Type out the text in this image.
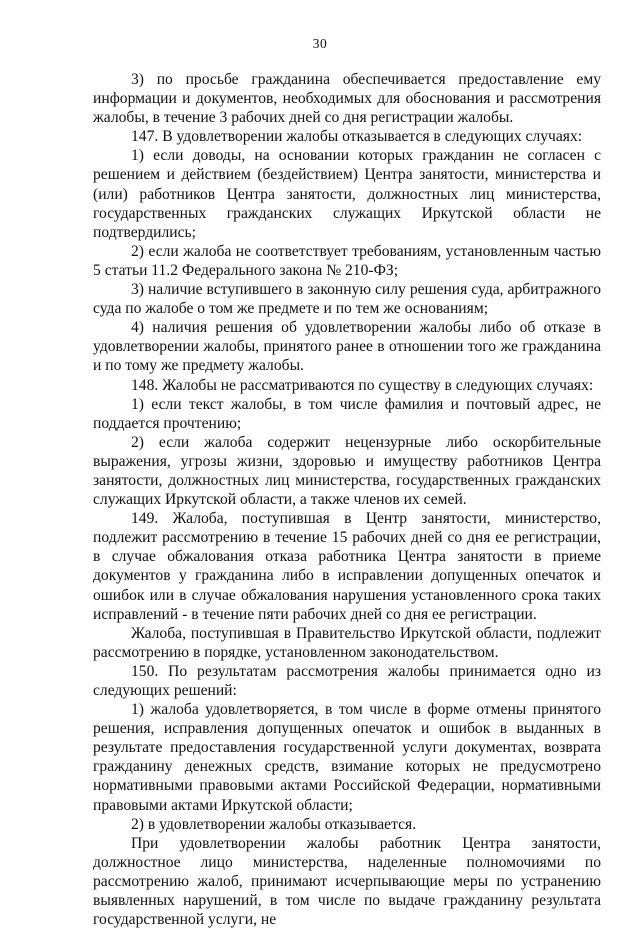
30

3) по просьбе гражданина обеспечивается предоставление ему информации и документов, необходимых для обоснования и рассмотрения жалобы, в течение 3 рабочих дней со дня регистрации жалобы.

147. В удовлетворении жалобы отказывается в следующих случаях:

1) если доводы, на основании которых гражданин не согласен с решением и действием (бездействием) Центра занятости, министерства и (или) работников Центра занятости, должностных лиц министерства, государственных гражданских служащих Иркутской области не подтвердились;

2) если жалоба не соответствует требованиям, установленным частью 5 статьи 11.2 Федерального закона № 210-ФЗ;

3) наличие вступившего в законную силу решения суда, арбитражного суда по жалобе о том же предмете и по тем же основаниям;

4) наличия решения об удовлетворении жалобы либо об отказе в удовлетворении жалобы, принятого ранее в отношении того же гражданина и по тому же предмету жалобы.

148. Жалобы не рассматриваются по существу в следующих случаях:

1) если текст жалобы, в том числе фамилия и почтовый адрес, не поддается прочтению;

2) если жалоба содержит нецензурные либо оскорбительные выражения, угрозы жизни, здоровью и имуществу работников Центра занятости, должностных лиц министерства, государственных гражданских служащих Иркутской области, а также членов их семей.

149. Жалоба, поступившая в Центр занятости, министерство, подлежит рассмотрению в течение 15 рабочих дней со дня ее регистрации, в случае обжалования отказа работника Центра занятости в приеме документов у гражданина либо в исправлении допущенных опечаток и ошибок или в случае обжалования нарушения установленного срока таких исправлений - в течение пяти рабочих дней со дня ее регистрации.

Жалоба, поступившая в Правительство Иркутской области, подлежит рассмотрению в порядке, установленном законодательством.

150. По результатам рассмотрения жалобы принимается одно из следующих решений:

1) жалоба удовлетворяется, в том числе в форме отмены принятого решения, исправления допущенных опечаток и ошибок в выданных в результате предоставления государственной услуги документах, возврата гражданину денежных средств, взимание которых не предусмотрено нормативными правовыми актами Российской Федерации, нормативными правовыми актами Иркутской области;

2) в удовлетворении жалобы отказывается.

При удовлетворении жалобы работник Центра занятости, должностное лицо министерства, наделенные полномочиями по рассмотрению жалоб, принимают исчерпывающие меры по устранению выявленных нарушений, в том числе по выдаче гражданину результата государственной услуги, не
